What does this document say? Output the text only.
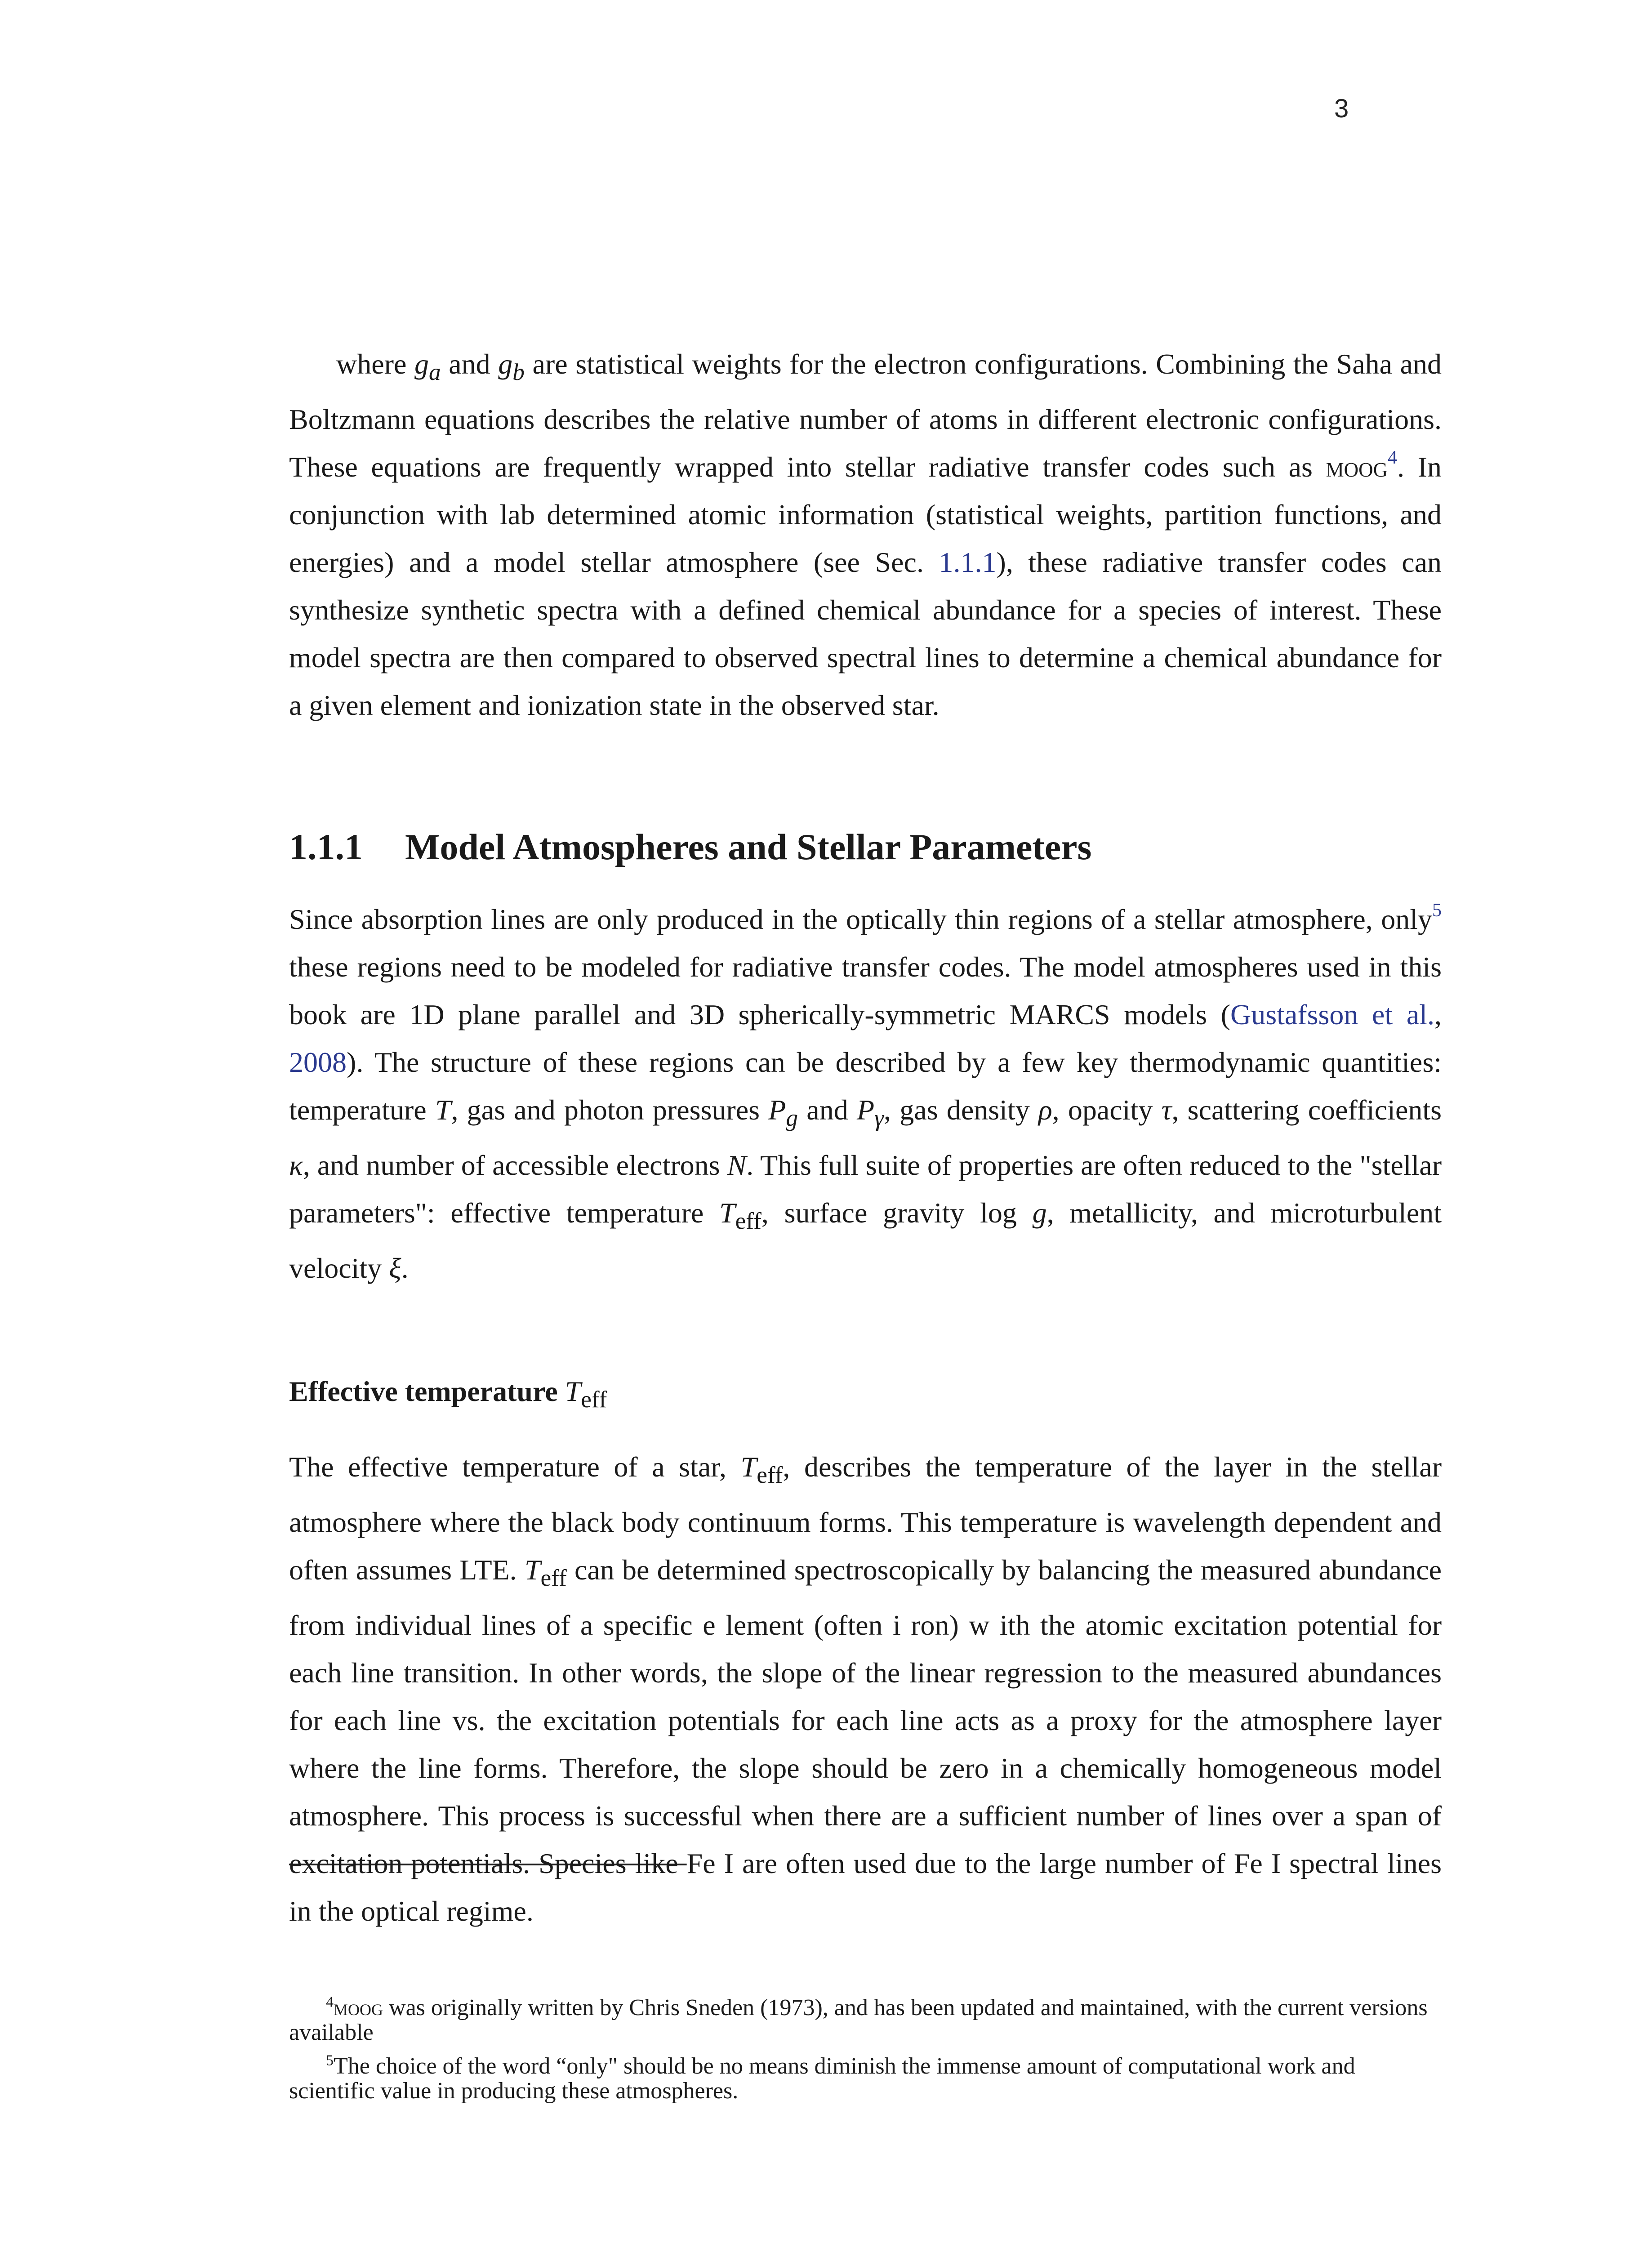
3

where $g_a$ and $g_b$ are statistical weights for the electron configurations. Combining the Saha and Boltzmann equations describes the relative number of atoms in different electronic configurations. These equations are frequently wrapped into stellar radiative transfer codes such as moog$^4$. In conjunction with lab determined atomic information (statistical weights, partition functions, and energies) and a model stellar atmosphere (see Sec. 1.1.1), these radiative transfer codes can synthesize synthetic spectra with a defined chemical abundance for a species of interest. These model spectra are then compared to observed spectral lines to determine a chemical abundance for a given element and ionization state in the observed star.

1.1.1 Model Atmospheres and Stellar Parameters

Since absorption lines are only produced in the optically thin regions of a stellar atmosphere, only$^5$ these regions need to be modeled for radiative transfer codes. The model atmospheres used in this book are 1D plane parallel and 3D spherically-symmetric MARCS models (Gustafsson et al., 2008). The structure of these regions can be described by a few key thermodynamic quantities: temperature T, gas and photon pressures $P_g$ and $P_\gamma$, gas density ρ, opacity τ, scattering coefficients κ, and number of accessible electrons N. This full suite of properties are often reduced to the "stellar parameters": effective temperature $T_{eff}$, surface gravity log g, metallicity, and microturbulent velocity ξ.

Effective temperature $T_{eff}$

The effective temperature of a star, $T_{eff}$, describes the temperature of the layer in the stellar atmosphere where the black body continuum forms. This temperature is wavelength dependent and often assumes LTE. $T_{eff}$ can be determined spectroscopically by balancing the measured abundance from individual lines of a specific e lement (often i ron) w ith the atomic excitation potential for each line transition. In other words, the slope of the linear regression to the measured abundances for each line vs. the excitation potentials for each line acts as a proxy for the atmosphere layer where the line forms. Therefore, the slope should be zero in a chemically homogeneous model atmosphere. This process is successful when there are a sufficient number of lines over a span of excitation potentials. Species like Fe I are often used due to the large number of Fe I spectral lines in the optical regime.

$^4$moog was originally written by Chris Sneden (1973), and has been updated and maintained, with the current versions available

$^5$The choice of the word “only" should be no means diminish the immense amount of computational work and scientific value in producing these atmospheres.
